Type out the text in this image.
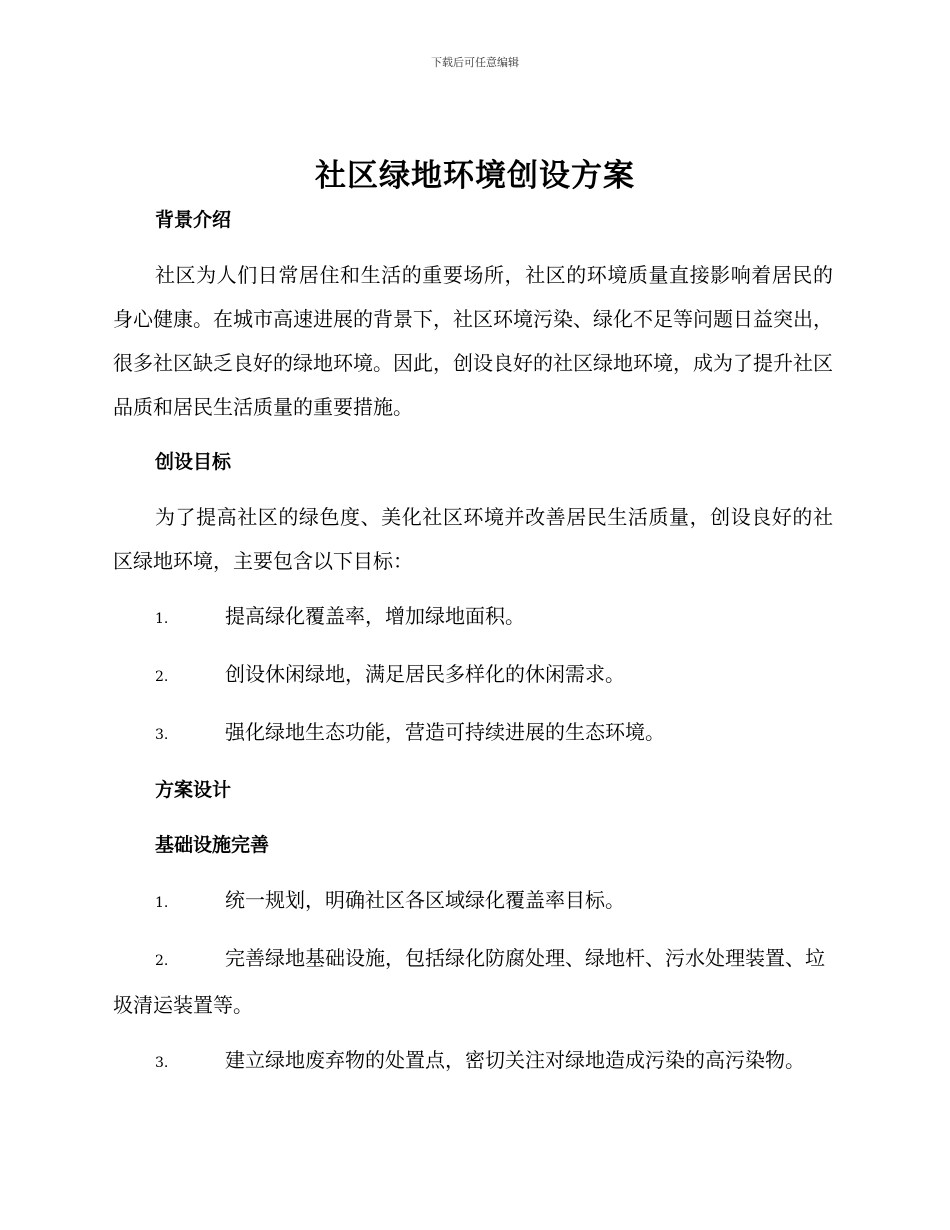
下载后可任意编辑
社区绿地环境创设方案
背景介绍
社区为人们日常居住和生活的重要场所，社区的环境质量直接影响着居民的身心健康。在城市高速进展的背景下，社区环境污染、绿化不足等问题日益突出，很多社区缺乏良好的绿地环境。因此，创设良好的社区绿地环境，成为了提升社区品质和居民生活质量的重要措施。
创设目标
为了提高社区的绿色度、美化社区环境并改善居民生活质量，创设良好的社区绿地环境，主要包含以下目标：
1.	提高绿化覆盖率，增加绿地面积。
2.	创设休闲绿地，满足居民多样化的休闲需求。
3.	强化绿地生态功能，营造可持续进展的生态环境。
方案设计
基础设施完善
1.	统一规划，明确社区各区域绿化覆盖率目标。
2.	完善绿地基础设施，包括绿化防腐处理、绿地杆、污水处理装置、垃圾清运装置等。
3.	建立绿地废弃物的处置点，密切关注对绿地造成污染的高污染物。
